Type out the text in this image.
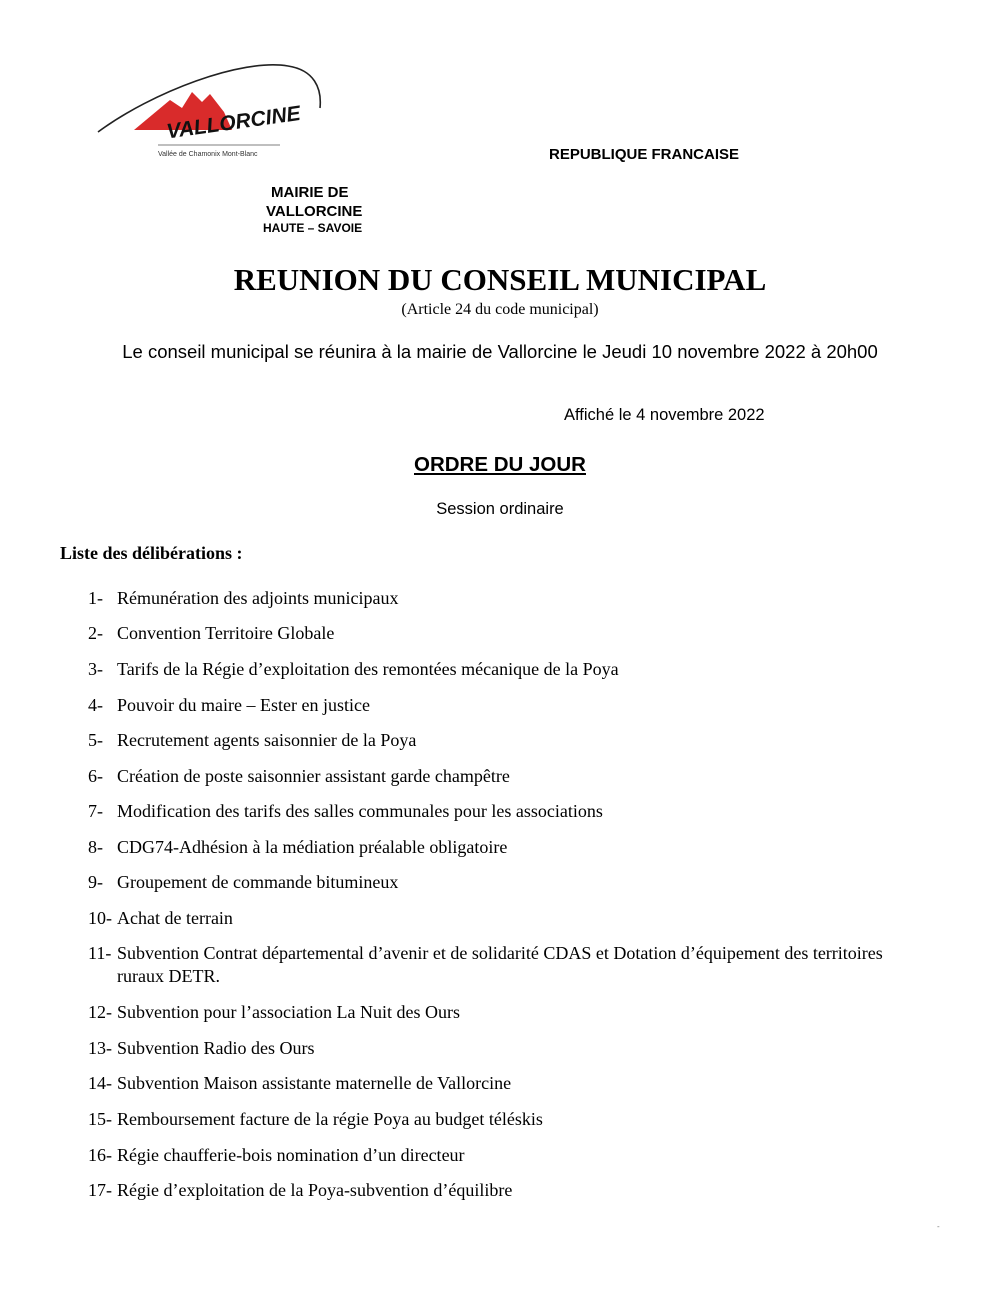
VALLORCINE
Vallée de Chamonix Mont-Blanc	REPUBLIQUE FRANCAISE
MAIRIE DE
VALLORCINE
HAUTE – SAVOIE
REUNION DU CONSEIL MUNICIPAL
(Article 24 du code municipal)
Le conseil municipal se réunira à la mairie de Vallorcine le Jeudi 10 novembre 2022 à 20h00
Affiché le 4 novembre 2022
ORDRE DU JOUR
Session ordinaire
Liste des délibérations :
1- Rémunération des adjoints municipaux
2- Convention Territoire Globale
3- Tarifs de la Régie d’exploitation des remontées mécanique de la Poya
4- Pouvoir du maire – Ester en justice
5- Recrutement agents saisonnier de la Poya
6- Création de poste saisonnier assistant garde champêtre
7- Modification des tarifs des salles communales pour les associations
8- CDG74-Adhésion à la médiation préalable obligatoire
9- Groupement de commande bitumineux
10- Achat de terrain
11- Subvention Contrat départemental d’avenir et de solidarité CDAS et Dotation d’équipement des territoires ruraux DETR.
12- Subvention pour l’association La Nuit des Ours
13- Subvention Radio des Ours
14- Subvention Maison assistante maternelle de Vallorcine
15- Remboursement facture de la régie Poya au budget téléskis
16- Régie chaufferie-bois nomination d’un directeur
17- Régie d’exploitation de la Poya-subvention d’équilibre
-
